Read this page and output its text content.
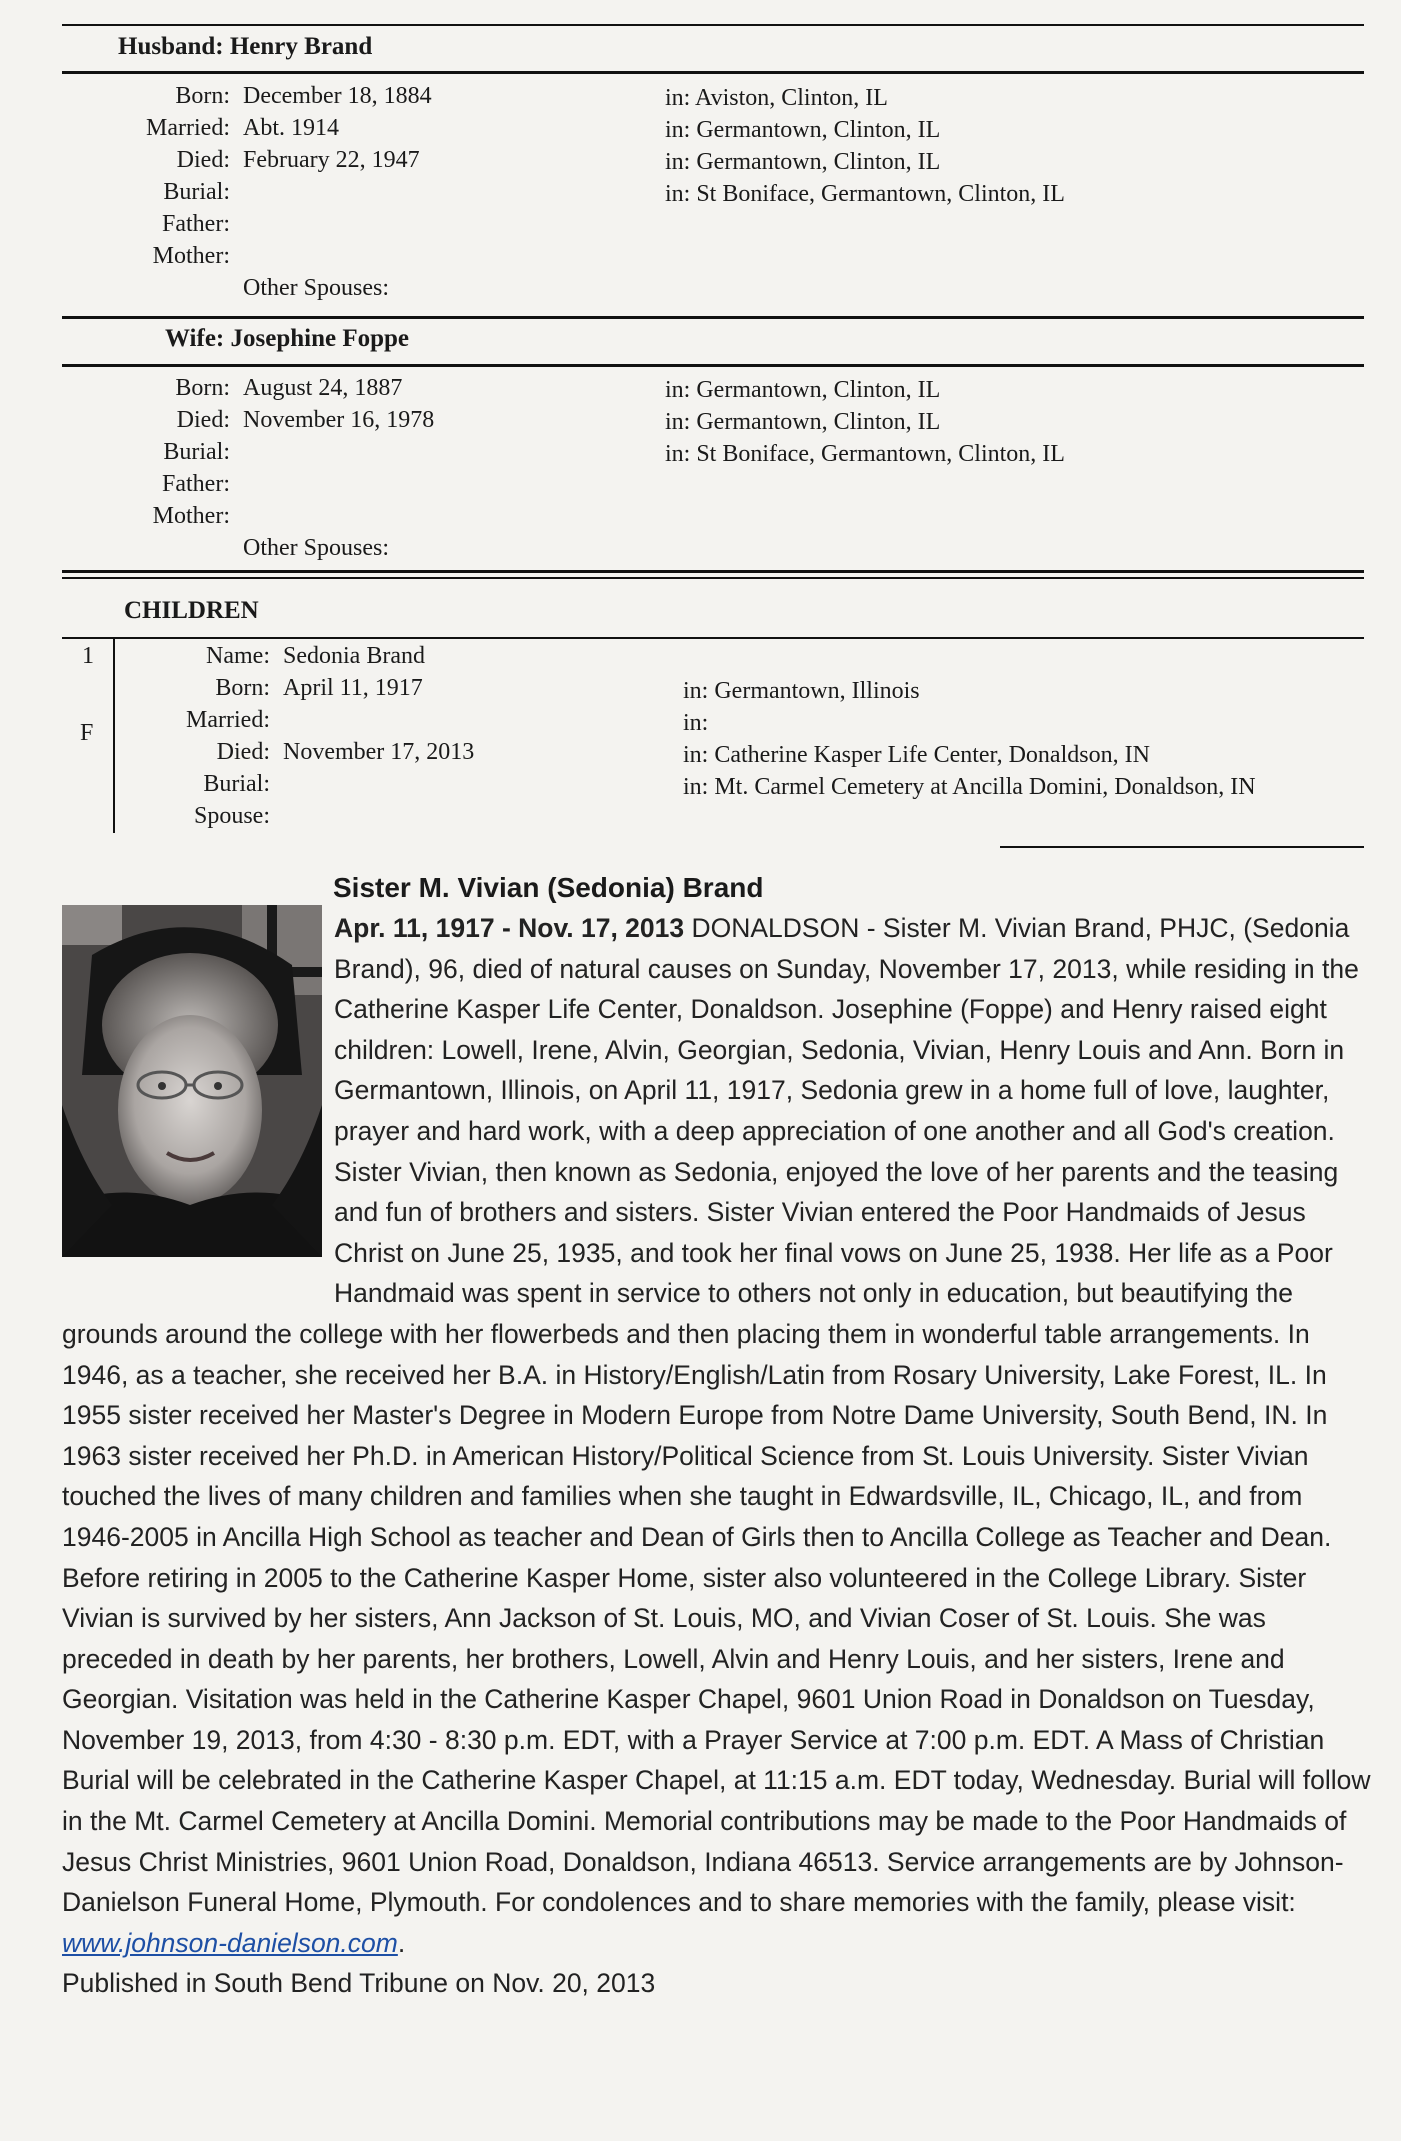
Husband: Henry Brand
Born: December 18, 1884	in: Aviston, Clinton, IL
Married: Abt. 1914	in: Germantown, Clinton, IL
Died: February 22, 1947	in: Germantown, Clinton, IL
Burial:	in: St Boniface, Germantown, Clinton, IL
Father:
Mother:
Other Spouses:
Wife: Josephine Foppe
Born: August 24, 1887	in: Germantown, Clinton, IL
Died: November 16, 1978	in: Germantown, Clinton, IL
Burial:	in: St Boniface, Germantown, Clinton, IL
Father:
Mother:
Other Spouses:
CHILDREN
1
F
Name: Sedonia Brand
Born: April 11, 1917	in: Germantown, Illinois
Married:	in:
Died: November 17, 2013	in: Catherine Kasper Life Center, Donaldson, IN
Burial:	in: Mt. Carmel Cemetery at Ancilla Domini, Donaldson, IN
Spouse:
Sister M. Vivian (Sedonia) Brand
Apr. 11, 1917 - Nov. 17, 2013 DONALDSON - Sister M. Vivian Brand, PHJC, (Sedonia Brand), 96, died of natural causes on Sunday, November 17, 2013, while residing in the Catherine Kasper Life Center, Donaldson. Josephine (Foppe) and Henry raised eight children: Lowell, Irene, Alvin, Georgian, Sedonia, Vivian, Henry Louis and Ann. Born in Germantown, Illinois, on April 11, 1917, Sedonia grew in a home full of love, laughter, prayer and hard work, with a deep appreciation of one another and all God's creation. Sister Vivian, then known as Sedonia, enjoyed the love of her parents and the teasing and fun of brothers and sisters. Sister Vivian entered the Poor Handmaids of Jesus Christ on June 25, 1935, and took her final vows on June 25, 1938. Her life as a Poor Handmaid was spent in service to others not only in education, but beautifying the grounds around the college with her flowerbeds and then placing them in wonderful table arrangements. In 1946, as a teacher, she received her B.A. in History/English/Latin from Rosary University, Lake Forest, IL. In 1955 sister received her Master's Degree in Modern Europe from Notre Dame University, South Bend, IN. In 1963 sister received her Ph.D. in American History/Political Science from St. Louis University. Sister Vivian touched the lives of many children and families when she taught in Edwardsville, IL, Chicago, IL, and from 1946-2005 in Ancilla High School as teacher and Dean of Girls then to Ancilla College as Teacher and Dean. Before retiring in 2005 to the Catherine Kasper Home, sister also volunteered in the College Library. Sister Vivian is survived by her sisters, Ann Jackson of St. Louis, MO, and Vivian Coser of St. Louis. She was preceded in death by her parents, her brothers, Lowell, Alvin and Henry Louis, and her sisters, Irene and Georgian. Visitation was held in the Catherine Kasper Chapel, 9601 Union Road in Donaldson on Tuesday, November 19, 2013, from 4:30 - 8:30 p.m. EDT, with a Prayer Service at 7:00 p.m. EDT. A Mass of Christian Burial will be celebrated in the Catherine Kasper Chapel, at 11:15 a.m. EDT today, Wednesday. Burial will follow in the Mt. Carmel Cemetery at Ancilla Domini. Memorial contributions may be made to the Poor Handmaids of Jesus Christ Ministries, 9601 Union Road, Donaldson, Indiana 46513. Service arrangements are by Johnson-Danielson Funeral Home, Plymouth. For condolences and to share memories with the family, please visit: www.johnson-danielson.com.
Published in South Bend Tribune on Nov. 20, 2013
